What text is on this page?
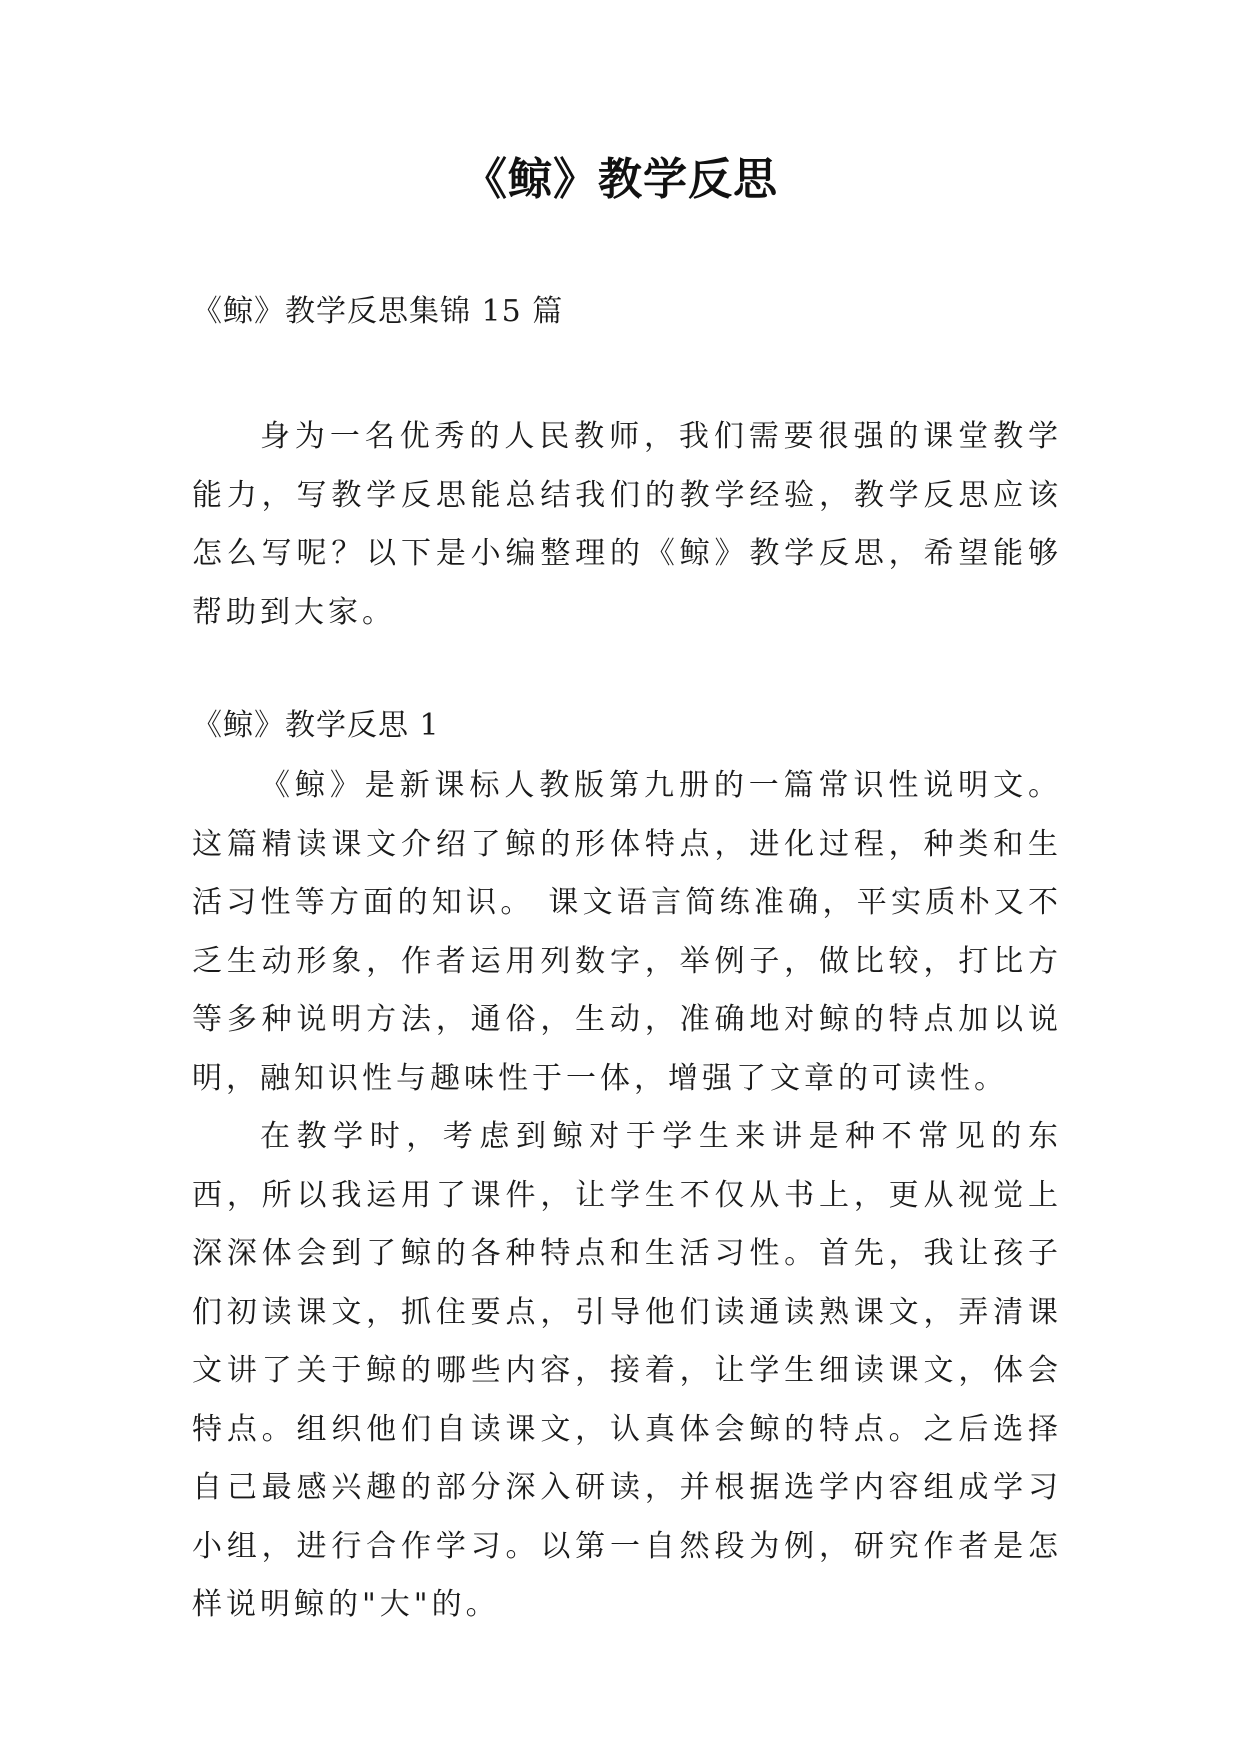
《鲸》教学反思
《鲸》教学反思集锦 15 篇

身为一名优秀的人民教师，我们需要很强的课堂教学能力，写教学反思能总结我们的教学经验，教学反思应该怎么写呢？以下是小编整理的《鲸》教学反思，希望能够帮助到大家。

《鲸》教学反思 1

《鲸》是新课标人教版第九册的一篇常识性说明文。这篇精读课文介绍了鲸的形体特点，进化过程，种类和生活习性等方面的知识。 课文语言简练准确，平实质朴又不乏生动形象，作者运用列数字，举例子，做比较，打比方等多种说明方法，通俗，生动，准确地对鲸的特点加以说明，融知识性与趣味性于一体，增强了文章的可读性。

在教学时，考虑到鲸对于学生来讲是种不常见的东西，所以我运用了课件，让学生不仅从书上，更从视觉上深深体会到了鲸的各种特点和生活习性。首先，我让孩子们初读课文，抓住要点，引导他们读通读熟课文，弄清课文讲了关于鲸的哪些内容，接着，让学生细读课文，体会特点。组织他们自读课文，认真体会鲸的特点。之后选择自己最感兴趣的部分深入研读，并根据选学内容组成学习小组，进行合作学习。以第一自然段为例，研究作者是怎样说明鲸的"大"的。
